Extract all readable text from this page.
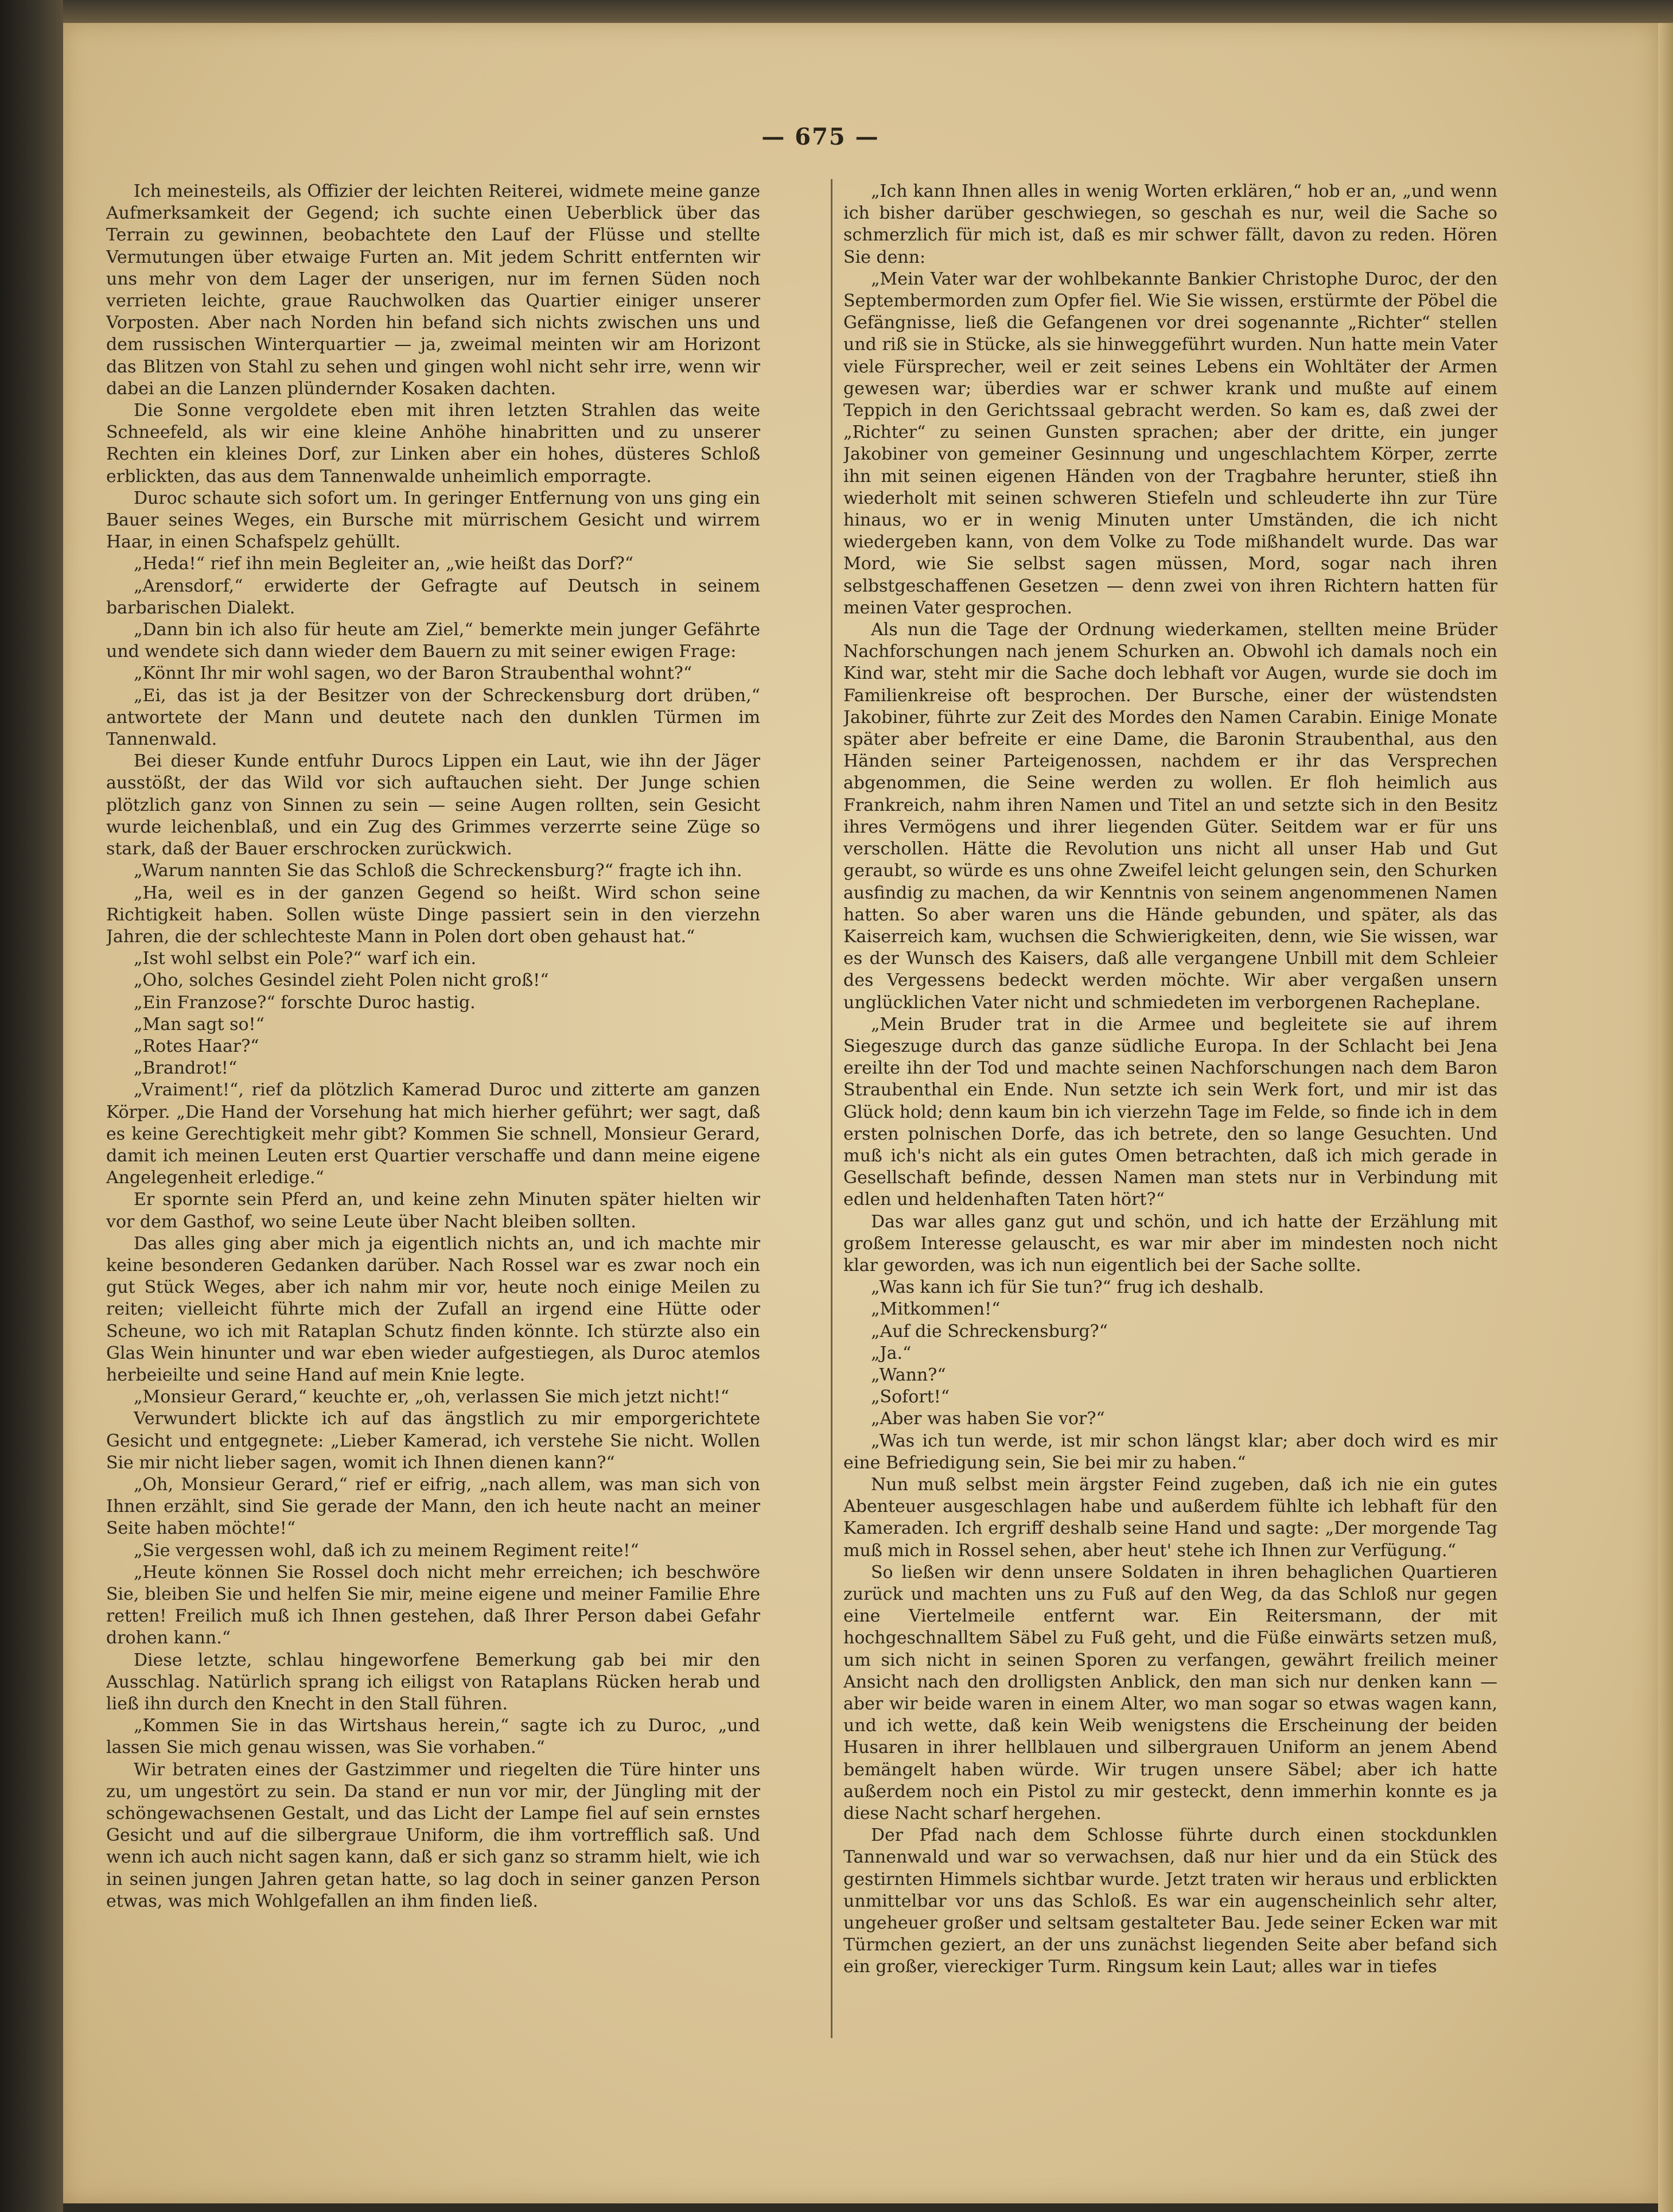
— 675 —

Ich meinesteils, als Offizier der leichten Reiterei, widmete meine ganze Aufmerksamkeit der Gegend; ich suchte einen Ueberblick über das Terrain zu gewinnen, beobachtete den Lauf der Flüsse und stellte Vermutungen über etwaige Furten an. Mit jedem Schritt entfernten wir uns mehr von dem Lager der unserigen, nur im fernen Süden noch verrieten leichte, graue Rauchwolken das Quartier einiger unserer Vorposten. Aber nach Norden hin befand sich nichts zwischen uns und dem russischen Winterquartier — ja, zweimal meinten wir am Horizont das Blitzen von Stahl zu sehen und gingen wohl nicht sehr irre, wenn wir dabei an die Lanzen plündernder Kosaken dachten.

Die Sonne vergoldete eben mit ihren letzten Strahlen das weite Schneefeld, als wir eine kleine Anhöhe hinabritten und zu unserer Rechten ein kleines Dorf, zur Linken aber ein hohes, düsteres Schloß erblickten, das aus dem Tannenwalde unheimlich emporragte.

Duroc schaute sich sofort um. In geringer Entfernung von uns ging ein Bauer seines Weges, ein Bursche mit mürrischem Gesicht und wirrem Haar, in einen Schafspelz gehüllt.

„Heda!“ rief ihn mein Begleiter an, „wie heißt das Dorf?“

„Arensdorf,“ erwiderte der Gefragte auf Deutsch in seinem barbarischen Dialekt.

„Dann bin ich also für heute am Ziel,“ bemerkte mein junger Gefährte und wendete sich dann wieder dem Bauern zu mit seiner ewigen Frage:

„Könnt Ihr mir wohl sagen, wo der Baron Straubenthal wohnt?“

„Ei, das ist ja der Besitzer von der Schreckensburg dort drüben,“ antwortete der Mann und deutete nach den dunklen Türmen im Tannenwald.

Bei dieser Kunde entfuhr Durocs Lippen ein Laut, wie ihn der Jäger ausstößt, der das Wild vor sich auftauchen sieht. Der Junge schien plötzlich ganz von Sinnen zu sein — seine Augen rollten, sein Gesicht wurde leichenblaß, und ein Zug des Grimmes verzerrte seine Züge so stark, daß der Bauer erschrocken zurückwich.

„Warum nannten Sie das Schloß die Schreckensburg?“ fragte ich ihn.

„Ha, weil es in der ganzen Gegend so heißt. Wird schon seine Richtigkeit haben. Sollen wüste Dinge passiert sein in den vierzehn Jahren, die der schlechteste Mann in Polen dort oben gehaust hat.“

„Ist wohl selbst ein Pole?“ warf ich ein.

„Oho, solches Gesindel zieht Polen nicht groß!“

„Ein Franzose?“ forschte Duroc hastig.

„Man sagt so!“

„Rotes Haar?“

„Brandrot!“

„Vraiment!“, rief da plötzlich Kamerad Duroc und zitterte am ganzen Körper. „Die Hand der Vorsehung hat mich hierher geführt; wer sagt, daß es keine Gerechtigkeit mehr gibt? Kommen Sie schnell, Monsieur Gerard, damit ich meinen Leuten erst Quartier verschaffe und dann meine eigene Angelegenheit erledige.“

Er spornte sein Pferd an, und keine zehn Minuten später hielten wir vor dem Gasthof, wo seine Leute über Nacht bleiben sollten.

Das alles ging aber mich ja eigentlich nichts an, und ich machte mir keine besonderen Gedanken darüber. Nach Rossel war es zwar noch ein gut Stück Weges, aber ich nahm mir vor, heute noch einige Meilen zu reiten; vielleicht führte mich der Zufall an irgend eine Hütte oder Scheune, wo ich mit Rataplan Schutz finden könnte. Ich stürzte also ein Glas Wein hinunter und war eben wieder aufgestiegen, als Duroc atemlos herbeieilte und seine Hand auf mein Knie legte.

„Monsieur Gerard,“ keuchte er, „oh, verlassen Sie mich jetzt nicht!“

Verwundert blickte ich auf das ängstlich zu mir emporgerichtete Gesicht und entgegnete: „Lieber Kamerad, ich verstehe Sie nicht. Wollen Sie mir nicht lieber sagen, womit ich Ihnen dienen kann?“

„Oh, Monsieur Gerard,“ rief er eifrig, „nach allem, was man sich von Ihnen erzählt, sind Sie gerade der Mann, den ich heute nacht an meiner Seite haben möchte!“

„Sie vergessen wohl, daß ich zu meinem Regiment reite!“

„Heute können Sie Rossel doch nicht mehr erreichen; ich beschwöre Sie, bleiben Sie und helfen Sie mir, meine eigene und meiner Familie Ehre retten! Freilich muß ich Ihnen gestehen, daß Ihrer Person dabei Gefahr drohen kann.“

Diese letzte, schlau hingeworfene Bemerkung gab bei mir den Ausschlag. Natürlich sprang ich eiligst von Rataplans Rücken herab und ließ ihn durch den Knecht in den Stall führen.

„Kommen Sie in das Wirtshaus herein,“ sagte ich zu Duroc, „und lassen Sie mich genau wissen, was Sie vorhaben.“

Wir betraten eines der Gastzimmer und riegelten die Türe hinter uns zu, um ungestört zu sein. Da stand er nun vor mir, der Jüngling mit der schöngewachsenen Gestalt, und das Licht der Lampe fiel auf sein ernstes Gesicht und auf die silbergraue Uniform, die ihm vortrefflich saß. Und wenn ich auch nicht sagen kann, daß er sich ganz so stramm hielt, wie ich in seinen jungen Jahren getan hatte, so lag doch in seiner ganzen Person etwas, was mich Wohlgefallen an ihm finden ließ.

„Ich kann Ihnen alles in wenig Worten erklären,“ hob er an, „und wenn ich bisher darüber geschwiegen, so geschah es nur, weil die Sache so schmerzlich für mich ist, daß es mir schwer fällt, davon zu reden. Hören Sie denn:

„Mein Vater war der wohlbekannte Bankier Christophe Duroc, der den Septembermorden zum Opfer fiel. Wie Sie wissen, erstürmte der Pöbel die Gefängnisse, ließ die Gefangenen vor drei sogenannte „Richter“ stellen und riß sie in Stücke, als sie hinweggeführt wurden. Nun hatte mein Vater viele Fürsprecher, weil er zeit seines Lebens ein Wohltäter der Armen gewesen war; überdies war er schwer krank und mußte auf einem Teppich in den Gerichtssaal gebracht werden. So kam es, daß zwei der „Richter“ zu seinen Gunsten sprachen; aber der dritte, ein junger Jakobiner von gemeiner Gesinnung und ungeschlachtem Körper, zerrte ihn mit seinen eigenen Händen von der Tragbahre herunter, stieß ihn wiederholt mit seinen schweren Stiefeln und schleuderte ihn zur Türe hinaus, wo er in wenig Minuten unter Umständen, die ich nicht wiedergeben kann, von dem Volke zu Tode mißhandelt wurde. Das war Mord, wie Sie selbst sagen müssen, Mord, sogar nach ihren selbstgeschaffenen Gesetzen — denn zwei von ihren Richtern hatten für meinen Vater gesprochen.

Als nun die Tage der Ordnung wiederkamen, stellten meine Brüder Nachforschungen nach jenem Schurken an. Obwohl ich damals noch ein Kind war, steht mir die Sache doch lebhaft vor Augen, wurde sie doch im Familienkreise oft besprochen. Der Bursche, einer der wüstendsten Jakobiner, führte zur Zeit des Mordes den Namen Carabin. Einige Monate später aber befreite er eine Dame, die Baronin Straubenthal, aus den Händen seiner Parteigenossen, nachdem er ihr das Versprechen abgenommen, die Seine werden zu wollen. Er floh heimlich aus Frankreich, nahm ihren Namen und Titel an und setzte sich in den Besitz ihres Vermögens und ihrer liegenden Güter. Seitdem war er für uns verschollen. Hätte die Revolution uns nicht all unser Hab und Gut geraubt, so würde es uns ohne Zweifel leicht gelungen sein, den Schurken ausfindig zu machen, da wir Kenntnis von seinem angenommenen Namen hatten. So aber waren uns die Hände gebunden, und später, als das Kaiserreich kam, wuchsen die Schwierigkeiten, denn, wie Sie wissen, war es der Wunsch des Kaisers, daß alle vergangene Unbill mit dem Schleier des Vergessens bedeckt werden möchte. Wir aber vergaßen unsern unglücklichen Vater nicht und schmiedeten im verborgenen Racheplane.

„Mein Bruder trat in die Armee und begleitete sie auf ihrem Siegeszuge durch das ganze südliche Europa. In der Schlacht bei Jena ereilte ihn der Tod und machte seinen Nachforschungen nach dem Baron Straubenthal ein Ende. Nun setzte ich sein Werk fort, und mir ist das Glück hold; denn kaum bin ich vierzehn Tage im Felde, so finde ich in dem ersten polnischen Dorfe, das ich betrete, den so lange Gesuchten. Und muß ich's nicht als ein gutes Omen betrachten, daß ich mich gerade in Gesellschaft befinde, dessen Namen man stets nur in Verbindung mit edlen und heldenhaften Taten hört?“

Das war alles ganz gut und schön, und ich hatte der Erzählung mit großem Interesse gelauscht, es war mir aber im mindesten noch nicht klar geworden, was ich nun eigentlich bei der Sache sollte.

„Was kann ich für Sie tun?“ frug ich deshalb.

„Mitkommen!“

„Auf die Schreckensburg?“

„Ja.“

„Wann?“

„Sofort!“

„Aber was haben Sie vor?“

„Was ich tun werde, ist mir schon längst klar; aber doch wird es mir eine Befriedigung sein, Sie bei mir zu haben.“

Nun muß selbst mein ärgster Feind zugeben, daß ich nie ein gutes Abenteuer ausgeschlagen habe und außerdem fühlte ich lebhaft für den Kameraden. Ich ergriff deshalb seine Hand und sagte: „Der morgende Tag muß mich in Rossel sehen, aber heut' stehe ich Ihnen zur Verfügung.“

So ließen wir denn unsere Soldaten in ihren behaglichen Quartieren zurück und machten uns zu Fuß auf den Weg, da das Schloß nur gegen eine Viertelmeile entfernt war. Ein Reitersmann, der mit hochgeschnalltem Säbel zu Fuß geht, und die Füße einwärts setzen muß, um sich nicht in seinen Sporen zu verfangen, gewährt freilich meiner Ansicht nach den drolligsten Anblick, den man sich nur denken kann — aber wir beide waren in einem Alter, wo man sogar so etwas wagen kann, und ich wette, daß kein Weib wenigstens die Erscheinung der beiden Husaren in ihrer hellblauen und silbergrauen Uniform an jenem Abend bemängelt haben würde. Wir trugen unsere Säbel; aber ich hatte außerdem noch ein Pistol zu mir gesteckt, denn immerhin konnte es ja diese Nacht scharf hergehen.

Der Pfad nach dem Schlosse führte durch einen stockdunklen Tannenwald und war so verwachsen, daß nur hier und da ein Stück des gestirnten Himmels sichtbar wurde. Jetzt traten wir heraus und erblickten unmittelbar vor uns das Schloß. Es war ein augenscheinlich sehr alter, ungeheuer großer und seltsam gestalteter Bau. Jede seiner Ecken war mit Türmchen geziert, an der uns zunächst liegenden Seite aber befand sich ein großer, viereckiger Turm. Ringsum kein Laut; alles war in tiefes
